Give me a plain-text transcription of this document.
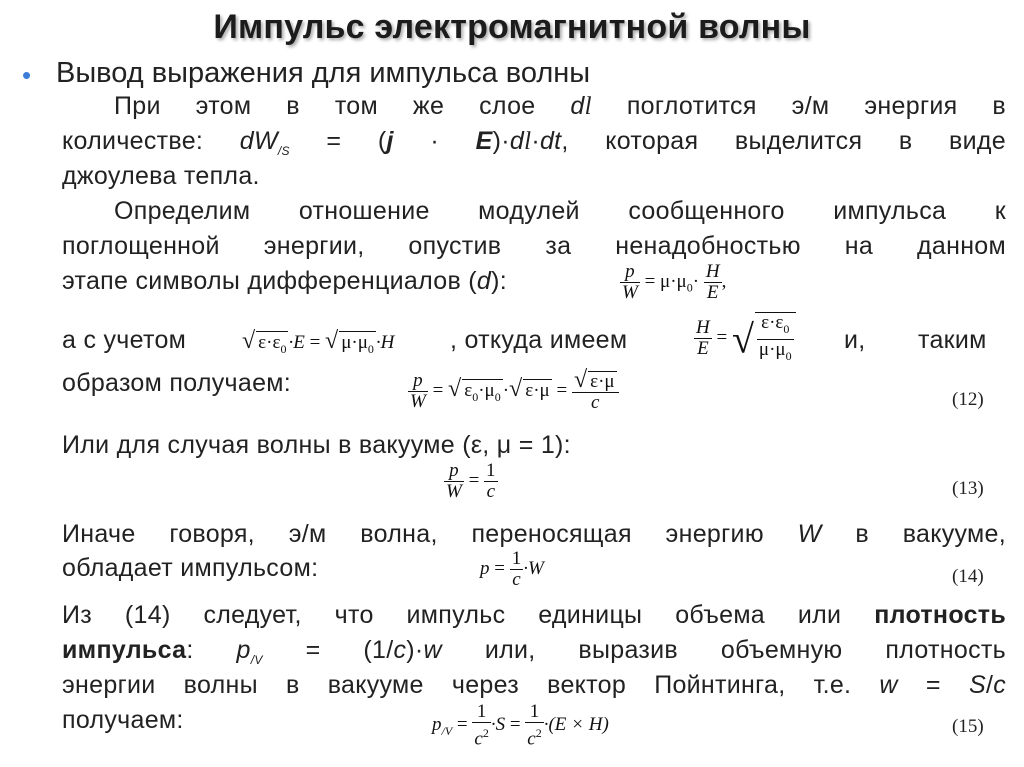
Импульс электромагнитной волны
• Вывод выражения для импульса волны
При этом в том же слое dl поглотится э/м энергия в
количестве: $dW_{/S} = (j \cdot E)\cdot dl\cdot dt$, которая выделится в виде
джоулева тепла.
Определим отношение модулей сообщенного импульса к
поглощенной энергии, опустив за ненадобностью на данном
этапе символы дифференциалов (d):	$\frac{p}{W} = \mu\cdot\mu_0\cdot \frac{H}{E}$ ,
а с учетом √ $\varepsilon\cdot\varepsilon_0 \cdot E$ = √ $\mu\cdot\mu_0 \cdot H$ , откуда имеем	$\frac{H}{E}$ = √ $\frac{\varepsilon\cdot\varepsilon_0}{\mu\cdot\mu_0} и$, таким
образом получаем:	$\frac{p}{W}$ = √ $\varepsilon_0\cdot\mu_0$ ·√ $\varepsilon\cdot\mu = \frac{√ \varepsilon\cdot\mu}{c}$	(12)
Или для случая волны в вакууме (ε, μ = 1):
$\frac{p}{W} = \frac{1}{c}$	(13)
Иначе говоря, э/м волна, переносящая энергию W в вакууме,
обладает импульсом:	$p = \frac{1}{c} \cdot W$	(14)
Из (14) следует, что импульс единицы объема или плотность
импульса: $p_{/V} = (1/c)\cdot w$ или, выразив объемную плотность
энергии волны в вакууме через вектор Пойнтинга, т.е. w = S/c
получаем:	$p_{/V} = \frac{1}{c^2} \cdot S = \frac{1}{c^2} \cdot(E \times H)$	(15)
